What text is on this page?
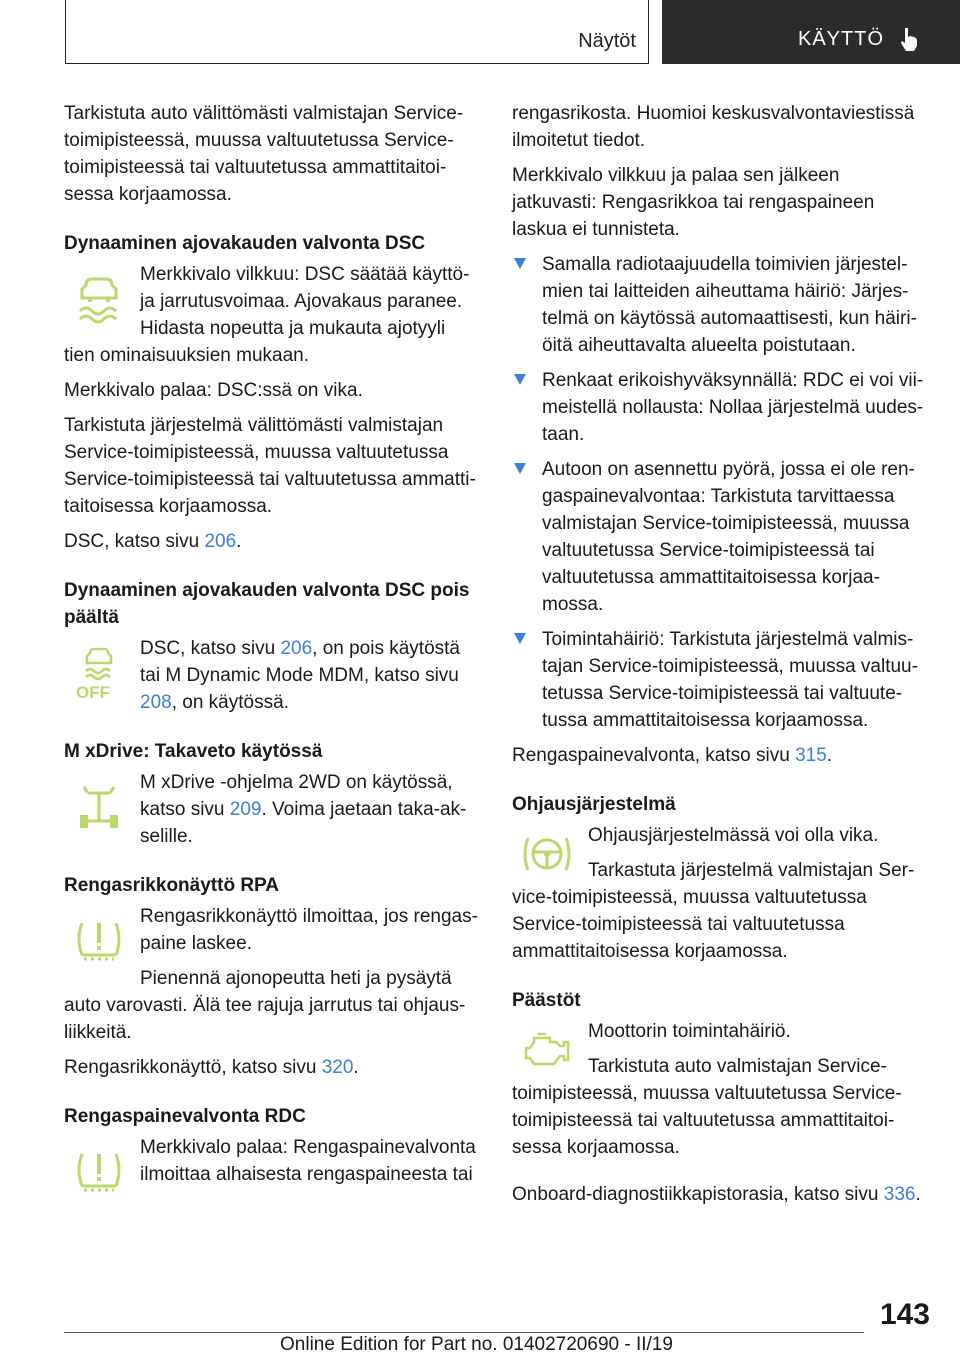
Näytöt	KÄYTTÖ

Tarkistuta auto välittömästi valmistajan Service-toimipisteessä, muussa valtuutetussa Service-toimipisteessä tai valtuutetussa ammattitaitoisessa korjaamossa.

Dynaaminen ajovakauden valvonta DSC

Merkkivalo vilkkuu: DSC säätää käyttö- ja jarrutusvoimaa. Ajovakaus paranee. Hidasta nopeutta ja mukauta ajotyyli tien ominaisuuksien mukaan.

Merkkivalo palaa: DSC:ssä on vika.

Tarkistuta järjestelmä välittömästi valmistajan Service-toimipisteessä, muussa valtuutetussa Service-toimipisteessä tai valtuutetussa ammattitaitoisessa korjaamossa.

DSC, katso sivu 206.

Dynaaminen ajovakauden valvonta DSC pois päältä
OFF

DSC, katso sivu 206, on pois käytöstä tai M Dynamic Mode MDM, katso sivu 208, on käytössä.

M xDrive: Takaveto käytössä

M xDrive -ohjelma 2WD on käytössä, katso sivu 209. Voima jaetaan taka-akselille.

Rengasrikkonäyttö RPA

Rengasrikkonäyttö ilmoittaa, jos rengaspaine laskee.

Pienennä ajonopeutta heti ja pysäytä auto varovasti. Älä tee rajuja jarrutus tai ohjausliikkeitä.

Rengasrikkonäyttö, katso sivu 320.

Rengaspainevalvonta RDC

Merkkivalo palaa: Rengaspainevalvonta ilmoittaa alhaisesta rengaspaineesta tai

rengasrikosta. Huomioi keskusvalvontaviestissä ilmoitetut tiedot.

Merkkivalo vilkkuu ja palaa sen jälkeen jatkuvasti: Rengasrikkoa tai rengaspaineen laskua ei tunnisteta.

Samalla radiotaajuudella toimivien järjestelmien tai laitteiden aiheuttama häiriö: Järjestelmä on käytössä automaattisesti, kun häiriöitä aiheuttavalta alueelta poistutaan.
Renkaat erikoishyväksynnällä: RDC ei voi viimeistellä nollausta: Nollaa järjestelmä uudestaan.
Autoon on asennettu pyörä, jossa ei ole rengaspainevalvontaa: Tarkistuta tarvittaessa valmistajan Service-toimipisteessä, muussa valtuutetussa Service-toimipisteessä tai valtuutetussa ammattitaitoisessa korjaamossa.
Toimintahäiriö: Tarkistuta järjestelmä valmistajan Service-toimipisteessä, muussa valtuutetussa Service-toimipisteessä tai valtuutetussa ammattitaitoisessa korjaamossa.

Rengaspainevalvonta, katso sivu 315.

Ohjausjärjestelmä

Ohjausjärjestelmässä voi olla vika.

Tarkastuta järjestelmä valmistajan Service-toimipisteessä, muussa valtuutetussa Service-toimipisteessä tai valtuutetussa ammattitaitoisessa korjaamossa.

Päästöt

Moottorin toimintahäiriö.

Tarkistuta auto valmistajan Service-toimipisteessä, muussa valtuutetussa Service-toimipisteessä tai valtuutetussa ammattitaitoisessa korjaamossa.

Onboard-diagnostiikkapistorasia, katso sivu 336.

143
Online Edition for Part no. 01402720690 - II/19
